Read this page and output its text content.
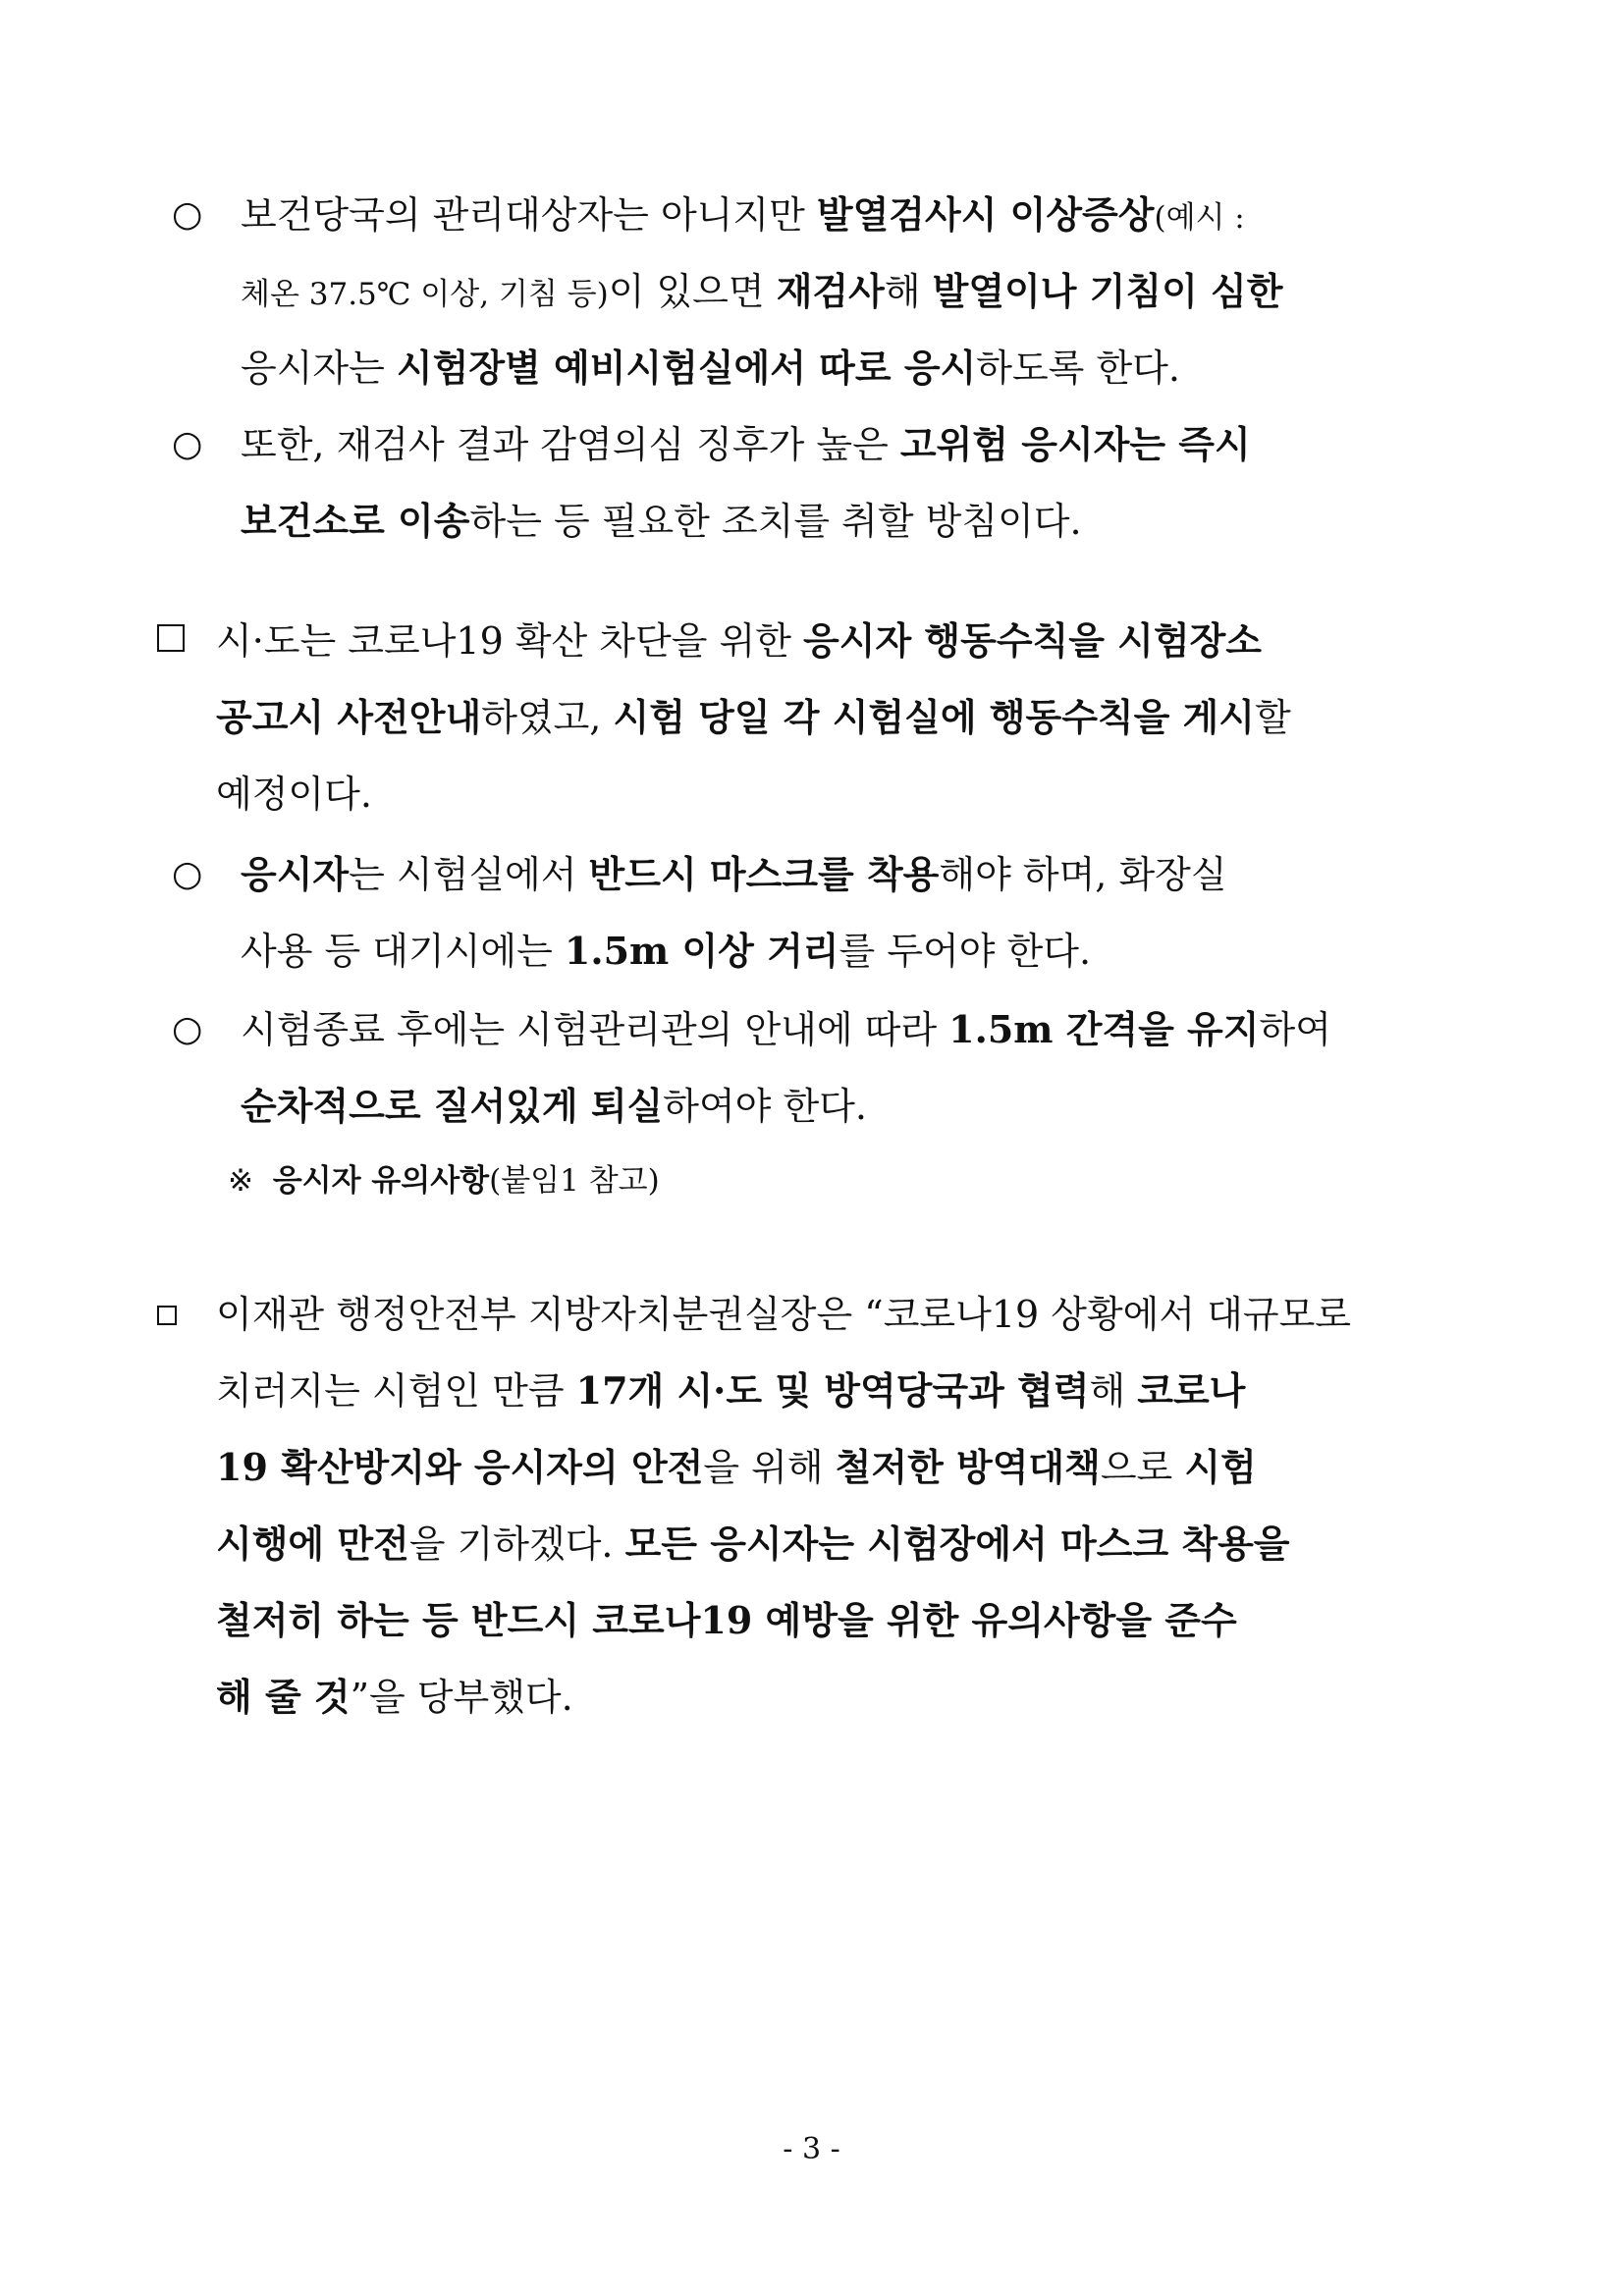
○ 보건당국의 관리대상자는 아니지만 발열검사시 이상증상(예시 :
체온 37.5℃ 이상, 기침 등)이 있으면 재검사해 발열이나 기침이 심한
응시자는 시험장별 예비시험실에서 따로 응시하도록 한다.
○ 또한, 재검사 결과 감염의심 징후가 높은 고위험 응시자는 즉시
보건소로 이송하는 등 필요한 조치를 취할 방침이다.
시·도는 코로나19 확산 차단을 위한 응시자 행동수칙을 시험장소
공고시 사전안내하였고, 시험 당일 각 시험실에 행동수칙을 게시할
예정이다.
○ 응시자는 시험실에서 반드시 마스크를 착용해야 하며, 화장실
사용 등 대기시에는 1.5m 이상 거리를 두어야 한다.
○ 시험종료 후에는 시험관리관의 안내에 따라 1.5m 간격을 유지하여
순차적으로 질서있게 퇴실하여야 한다.
※ 응시자 유의사항(붙임1 참고)
이재관 행정안전부 지방자치분권실장은 “코로나19 상황에서 대규모로
치러지는 시험인 만큼 17개 시·도 및 방역당국과 협력해 코로나
19 확산방지와 응시자의 안전을 위해 철저한 방역대책으로 시험
시행에 만전을 기하겠다. 모든 응시자는 시험장에서 마스크 착용을
철저히 하는 등 반드시 코로나19 예방을 위한 유의사항을 준수
해 줄 것”을 당부했다.
- 3 -
